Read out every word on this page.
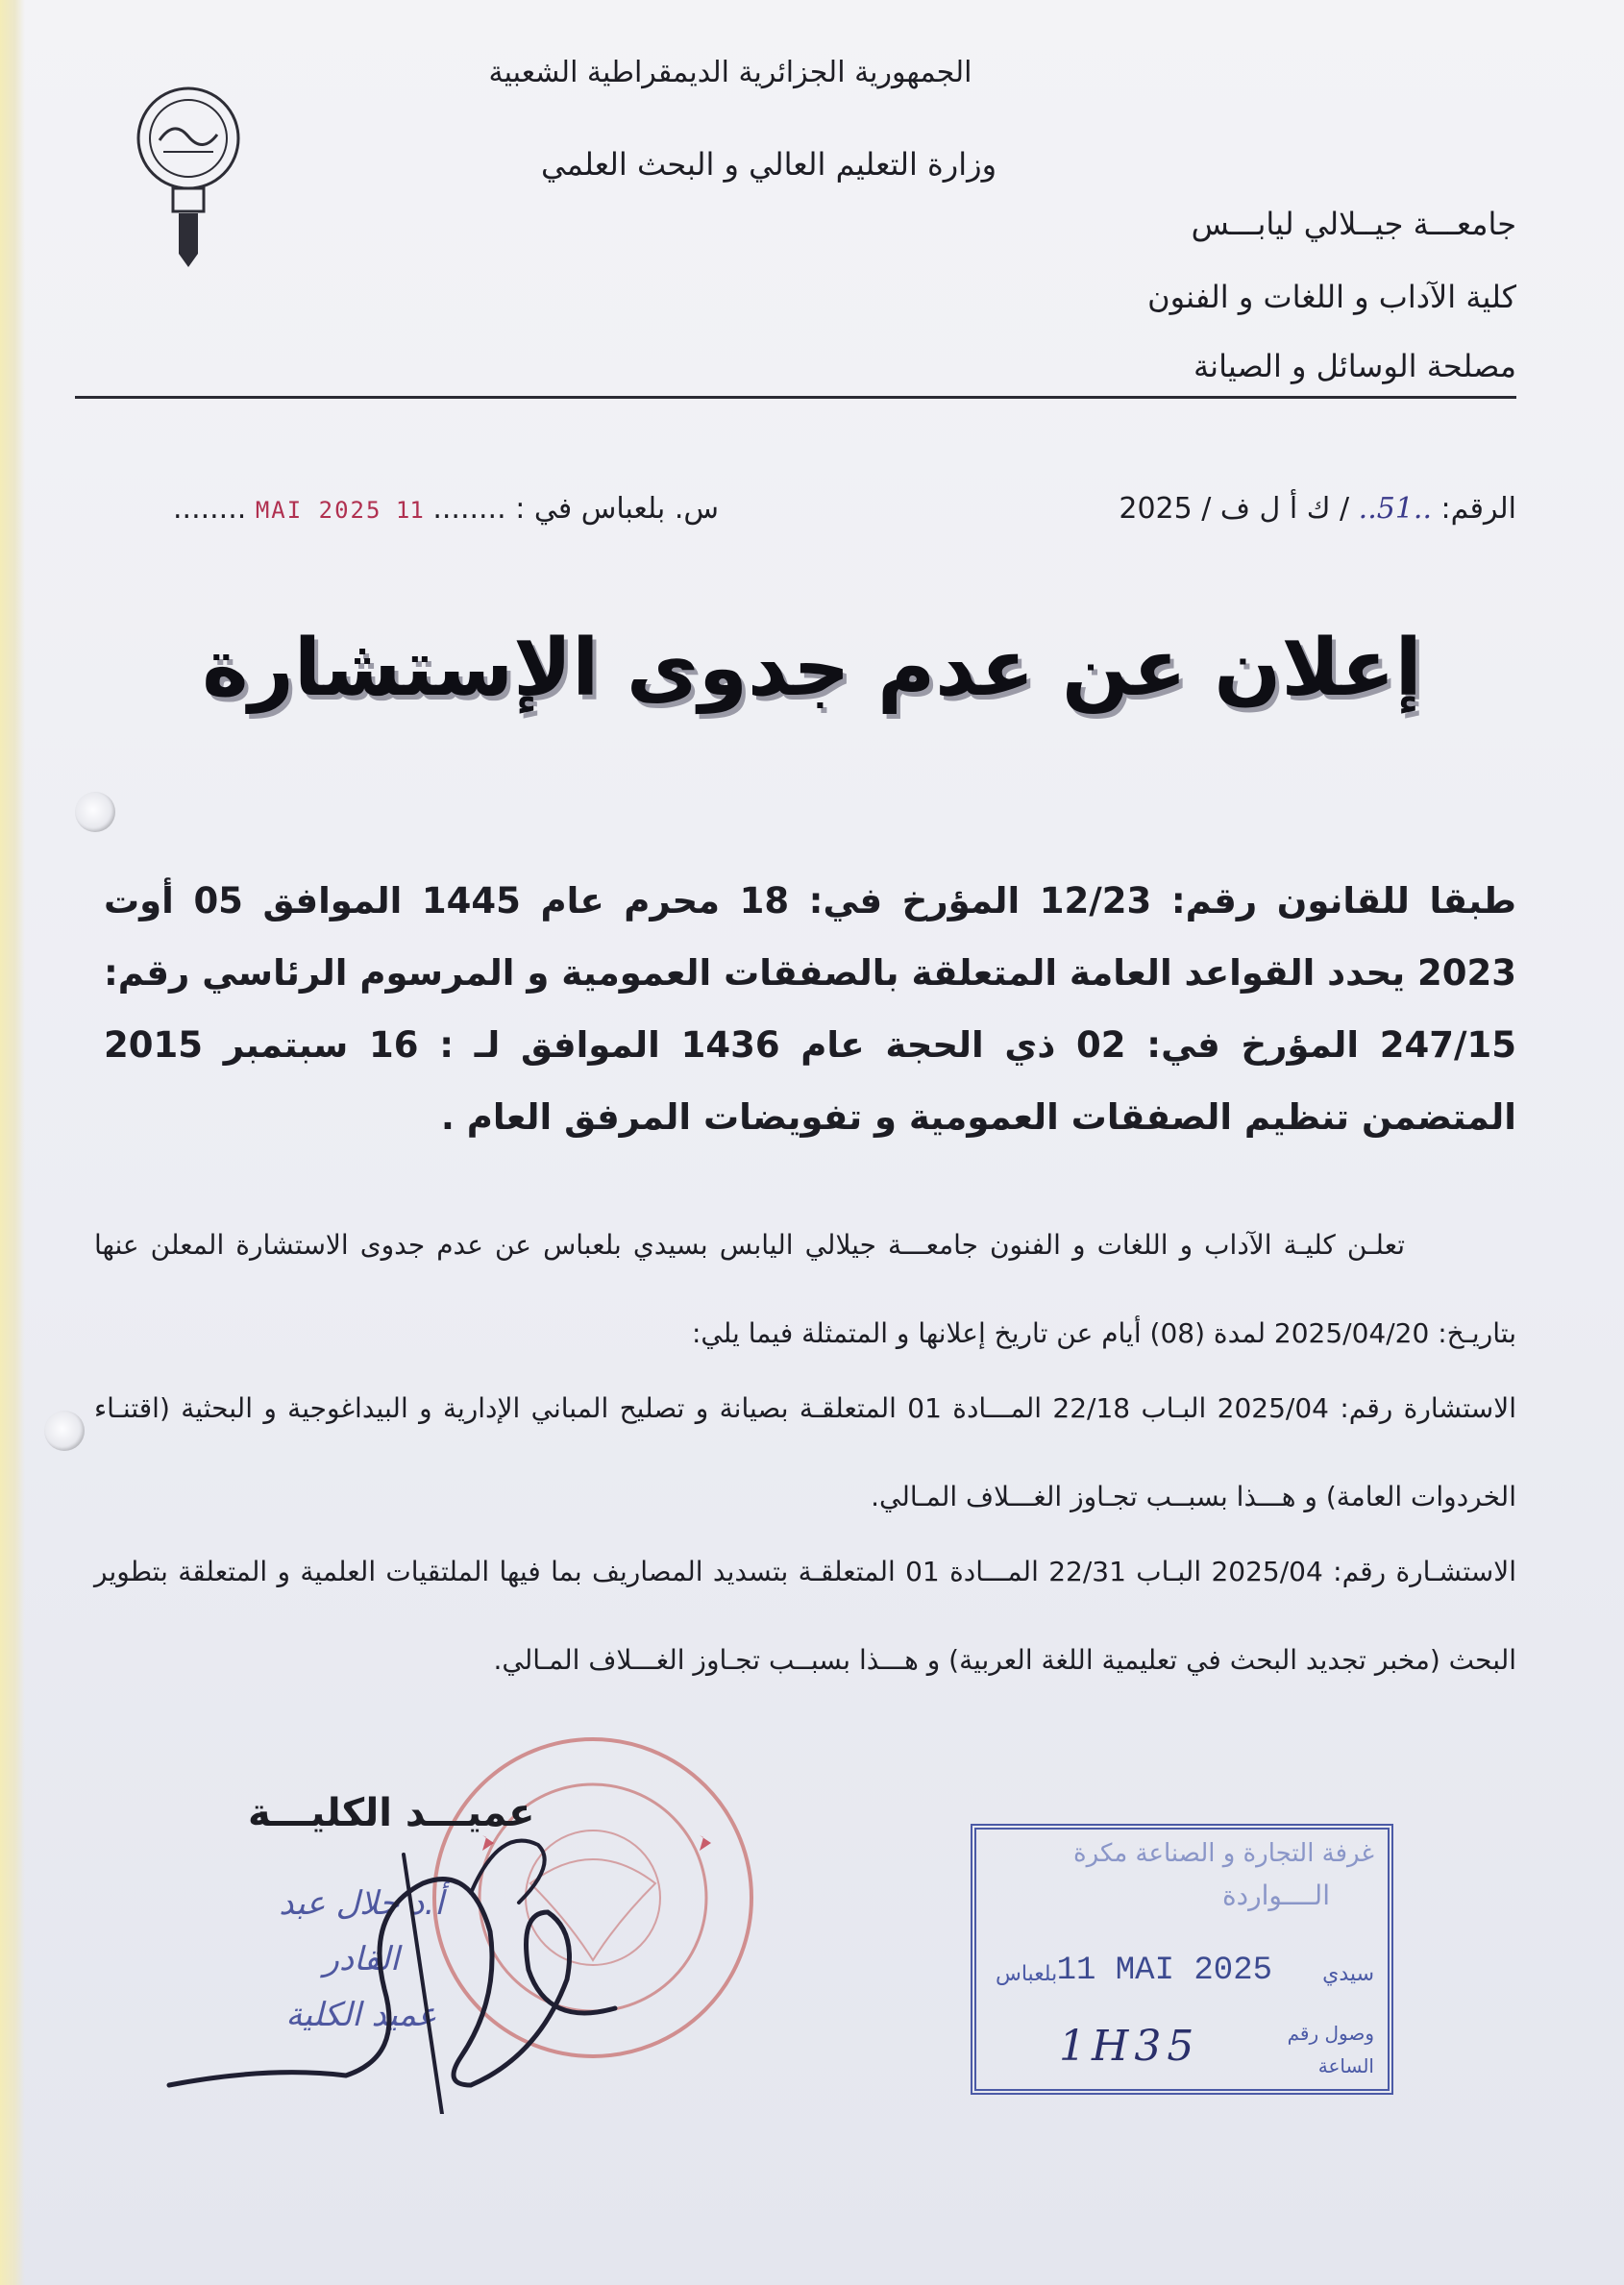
الجمهورية الجزائرية الديمقراطية الشعبية
وزارة التعليم العالي و البحث العلمي
جامعـــة جيــلالي ليابـــس
كلية الآداب و اللغات و الفنون
مصلحة الوسائل و الصيانة
الرقم: ..51.. / ك أ ل ف / 2025
س. بلعباس في : ........ 11 MAI 2025 ........
إعلان عن عدم جدوى الإستشارة
طبقا للقانون رقم: 12/23 المؤرخ في: 18 محرم عام 1445 الموافق 05 أوت 2023 يحدد القواعد العامة المتعلقة بالصفقات العمومية و المرسوم الرئاسي رقم: 247/15 المؤرخ في: 02 ذي الحجة عام 1436 الموافق لـ : 16 سبتمبر 2015 المتضمن تنظيم الصفقات العمومية و تفويضات المرفق العام .
تعلـن كليـة الآداب و اللغات و الفنون جامعـــة جيلالي اليابس بسيدي بلعباس عن عدم جدوى الاستشارة المعلن عنها بتاريـخ: 2025/04/20 لمدة (08) أيام عن تاريخ إعلانها و المتمثلة فيما يلي:
الاستشارة رقم: 2025/04 البـاب 22/18 المـــادة 01 المتعلقـة بصيانة و تصليح المباني الإدارية و البيداغوجية و البحثية (اقتنـاء الخردوات العامة) و هـــذا بسبــب تجـاوز الغـــلاف المـالي.
الاستشـارة رقم: 2025/04 البـاب 22/31 المـــادة 01 المتعلقـة بتسديد المصاريف بما فيها الملتقيات العلمية و المتعلقة بتطوير البحث (مخبر تجديد البحث في تعليمية اللغة العربية) و هـــذا بسبــب تجـاوز الغـــلاف المـالي.
عميـــد الكليـــة
أ.د جلال عبد القادر
عميد الكلية
غرفة التجارة و الصناعة مكرة
الــــواردة
سيدي
11 MAI 2025
بلعباس
وصول رقم
الساعة
1H35
